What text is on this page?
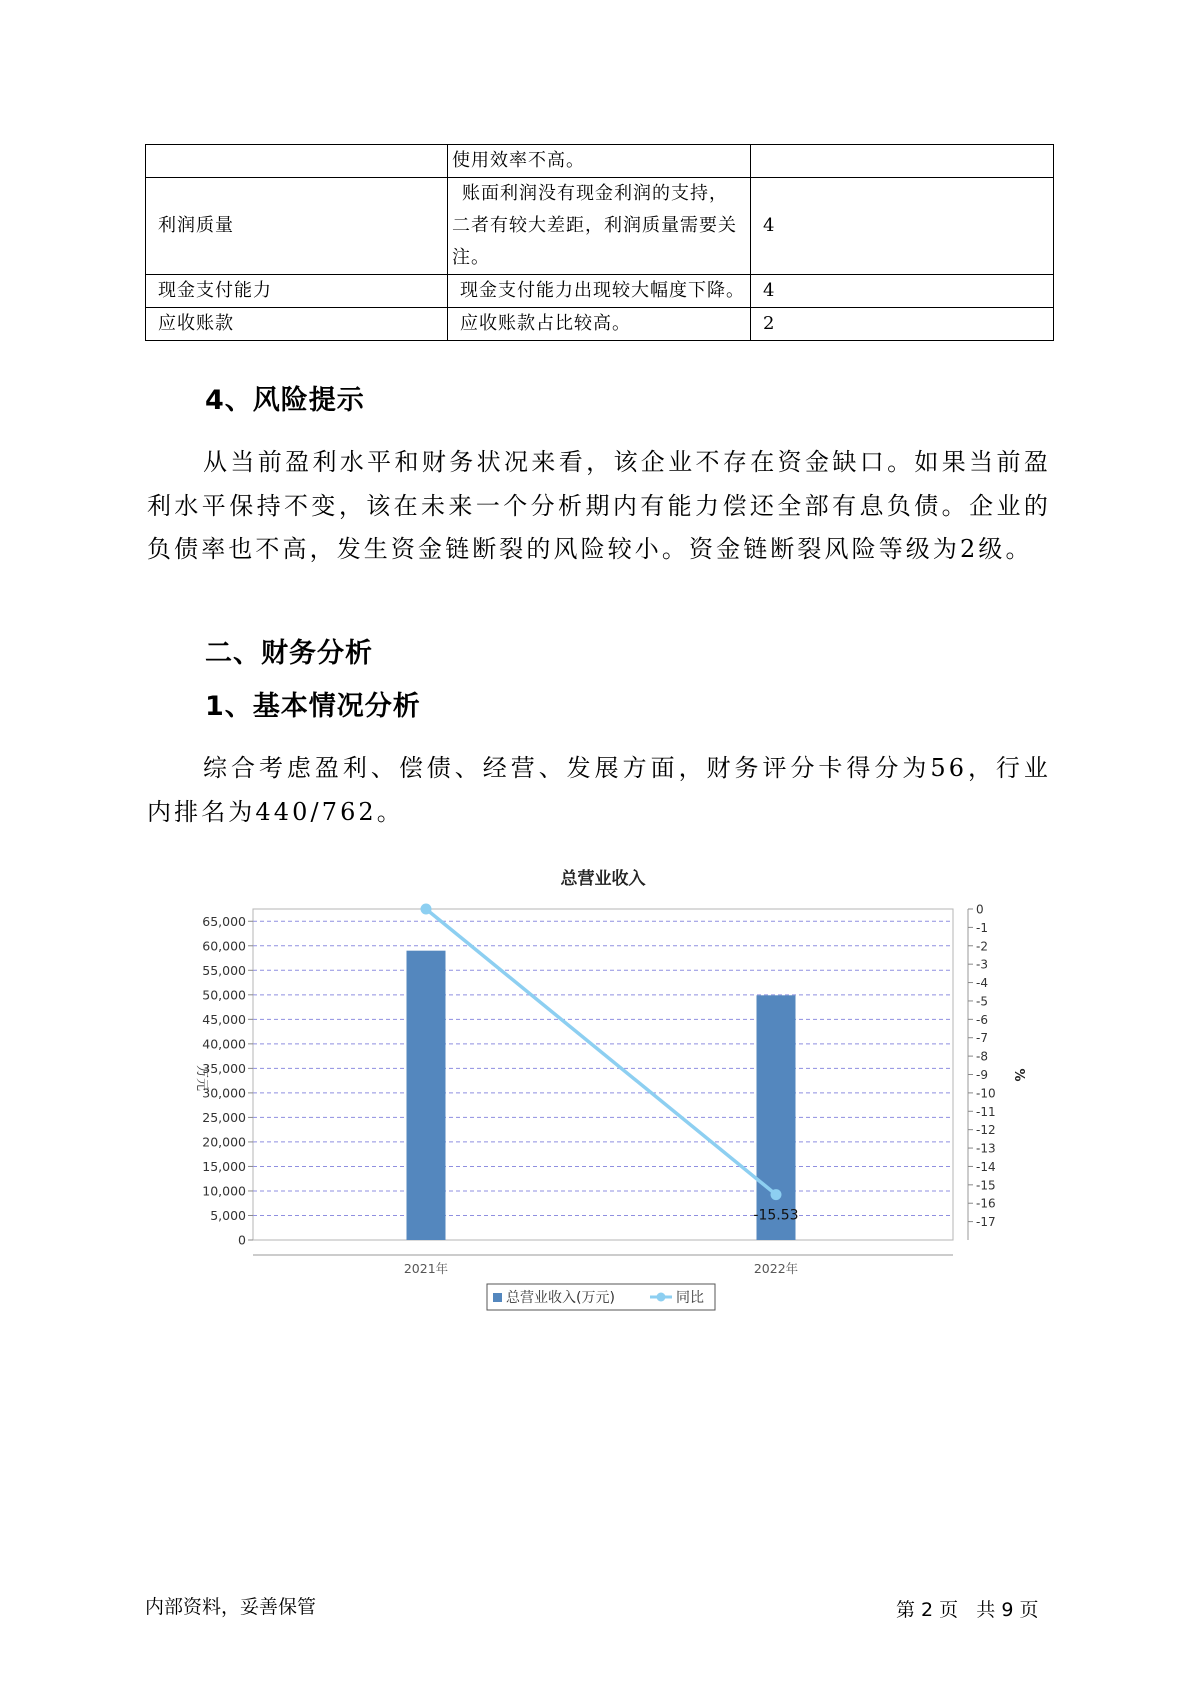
	使用效率不高。	
利润质量	账面利润没有现金利润的支持，二者有较大差距，利润质量需要关注。	4
现金支付能力	现金支付能力出现较大幅度下降。	4
应收账款	应收账款占比较高。	2
4、风险提示

从当前盈利水平和财务状况来看，该企业不存在资金缺口。如果当前盈利水平保持不变，该在未来一个分析期内有能力偿还全部有息负债。企业的负债率也不高，发生资金链断裂的风险较小。资金链断裂风险等级为2级。

二、财务分析
1、基本情况分析

综合考虑盈利、偿债、经营、发展方面，财务评分卡得分为56，行业内排名为440/762。

总营业收入
0
5,000
10,000
15,000
20,000
25,000
30,000
35,000
40,000
45,000
50,000
55,000
60,000
65,000
0
-1
-2
-3
-4
-5
-6
-7
-8
-9
-10
-11
-12
-13
-14
-15
-16
-17
万元	%
2021年	2022年
-15.53
总营业收入(万元)	同比
内部资料，妥善保管	第 2 页   共 9 页
